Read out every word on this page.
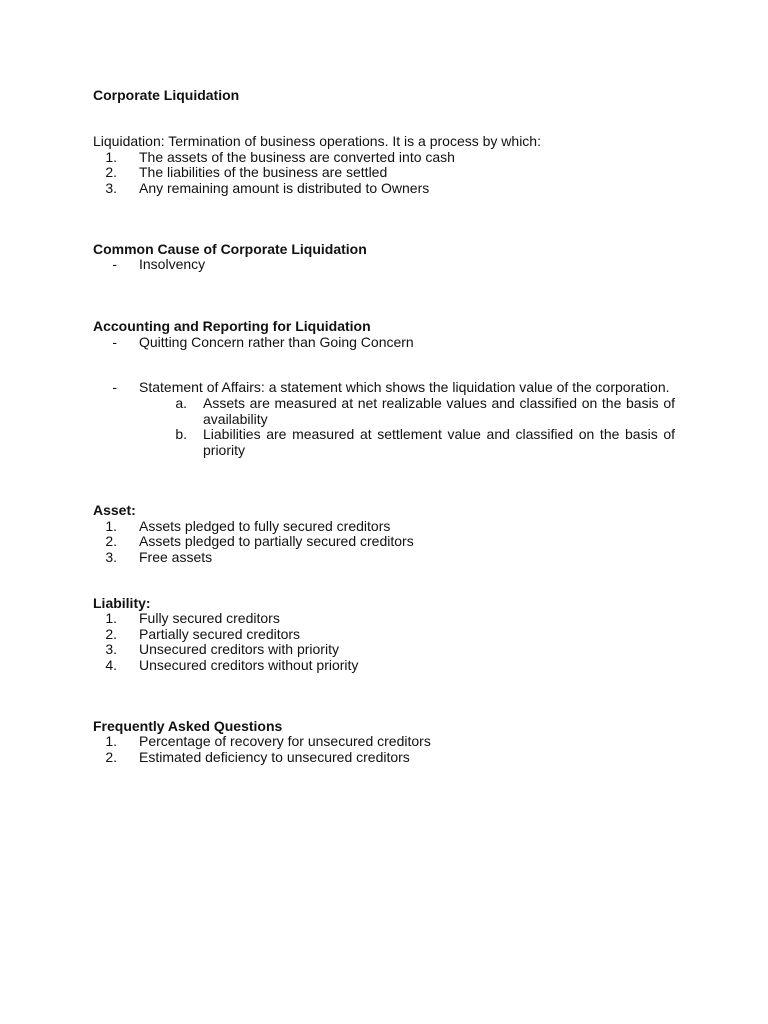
Corporate Liquidation
Liquidation: Termination of business operations. It is a process by which:
1. The assets of the business are converted into cash
2. The liabilities of the business are settled
3. Any remaining amount is distributed to Owners
Common Cause of Corporate Liquidation
- Insolvency
Accounting and Reporting for Liquidation
- Quitting Concern rather than Going Concern
- Statement of Affairs: a statement which shows the liquidation value of the corporation.
a. Assets are measured at net realizable values and classified on the basis of availability
b. Liabilities are measured at settlement value and classified on the basis of priority
Asset:
1. Assets pledged to fully secured creditors
2. Assets pledged to partially secured creditors
3. Free assets
Liability:
1. Fully secured creditors
2. Partially secured creditors
3. Unsecured creditors with priority
4. Unsecured creditors without priority
Frequently Asked Questions
1. Percentage of recovery for unsecured creditors
2. Estimated deficiency to unsecured creditors
